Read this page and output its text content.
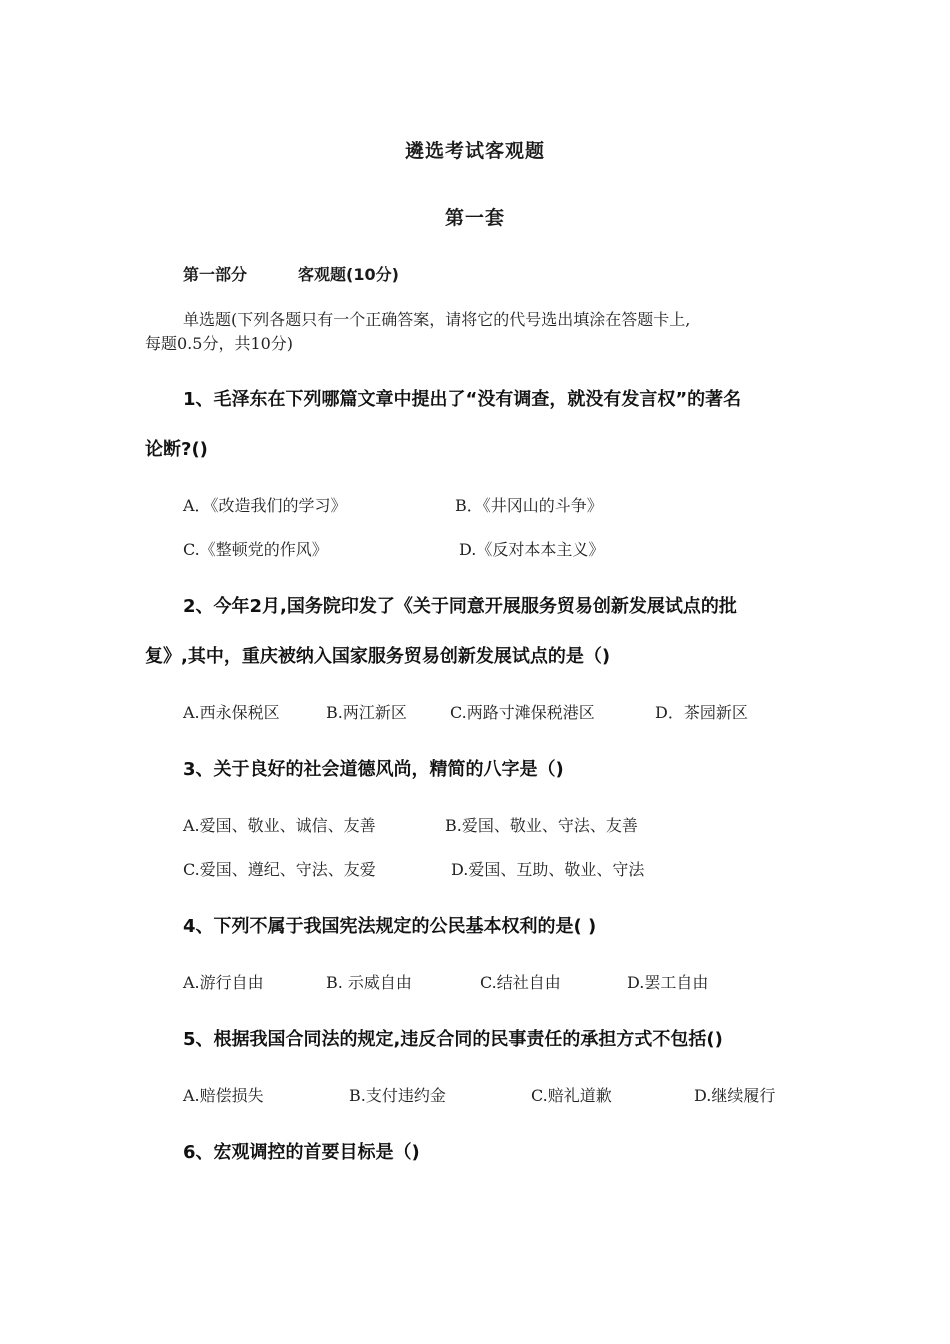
遴选考试客观题
第一套
第一部分	客观题(10分)
单选题(下列各题只有一个正确答案，请将它的代号选出填涂在答题卡上,
每题0.5分，共10分)
1、毛泽东在下列哪篇文章中提出了“没有调查，就没有发言权”的著名
论断?()
A．《改造我们的学习》	B．《井冈山的斗争》
C.《整顿党的作风》	D.《反对本本主义》
2、今年2月,国务院印发了《关于同意开展服务贸易创新发展试点的批
复》,其中，重庆被纳入国家服务贸易创新发展试点的是（)
A.西永保税区	B.两江新区	C.两路寸滩保税港区	D．茶园新区
3、关于良好的社会道德风尚，精简的八字是（)
A.爱国、敬业、诚信、友善	B.爱国、敬业、守法、友善
C.爱国、遵纪、守法、友爱	D.爱国、互助、敬业、守法
4、下列不属于我国宪法规定的公民基本权利的是( )
A.游行自由	B. 示威自由	C.结社自由	D.罢工自由
5、根据我国合同法的规定,违反合同的民事责任的承担方式不包括()
A.赔偿损失	B.支付违约金	C.赔礼道歉	D.继续履行
6、宏观调控的首要目标是（)
